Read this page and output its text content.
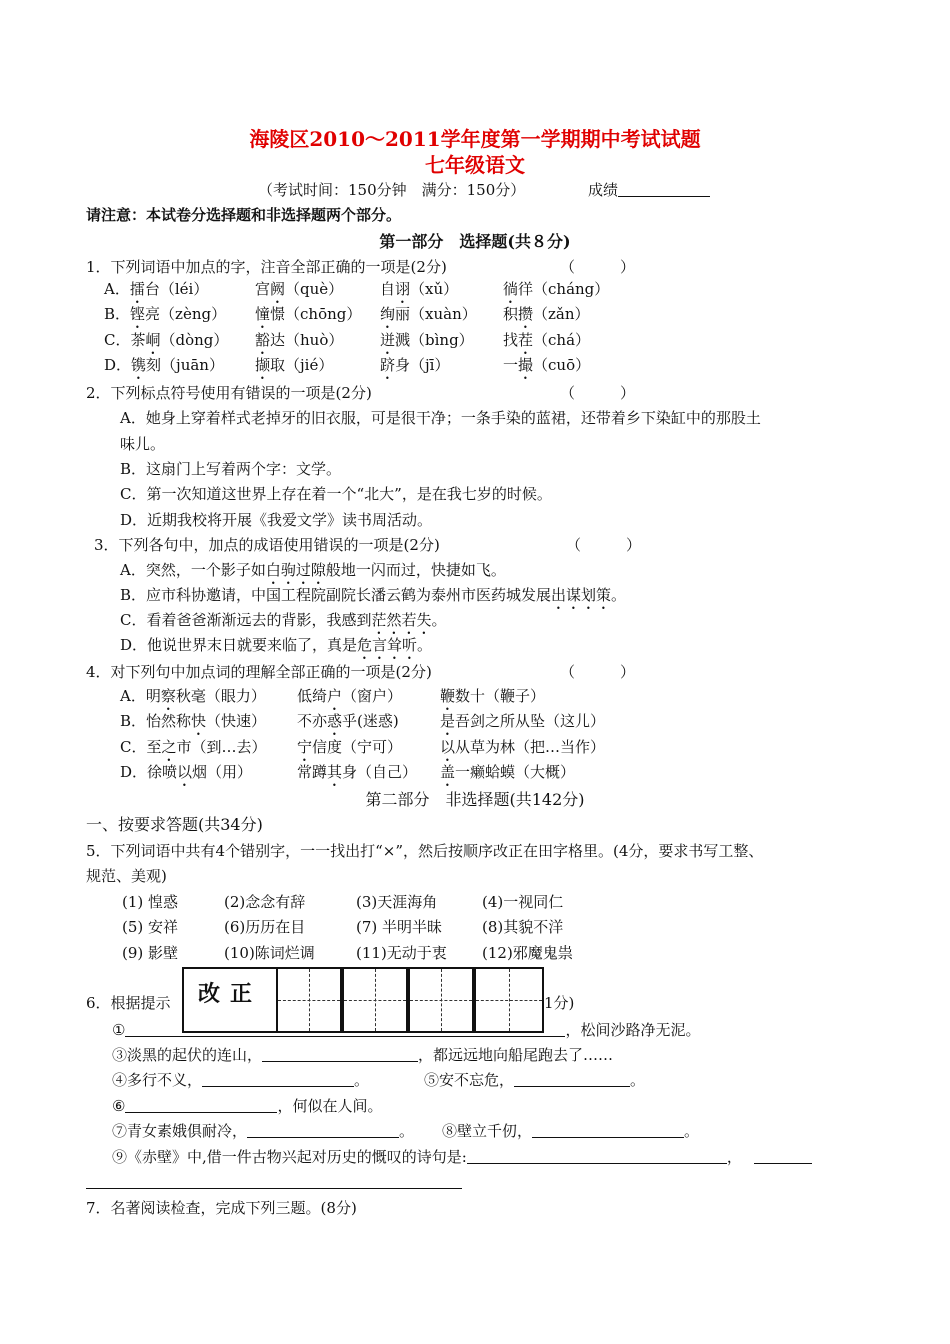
海陵区2010～2011学年度第一学期期中考试试题
七年级语文
（考试时间：150分钟　满分：150分）	成绩
请注意：本试卷分选择题和非选择题两个部分。
第一部分　选择题(共８分)
1．下列词语中加点的字，注音全部正确的一项是(2分)	（　　　）
A．擂台（léi）	宫阙（què） 自诩（xǔ）	徜徉（cháng）
B．铿亮（zèng） 憧憬（chōng） 绚丽（xuàn） 积攒（zǎn）
C．茶峒（dòng） 豁达（huò） 迸溅（bìng） 找茬（chá）
D．镌刻（juān） 撷取（jié）	跻身（jī）	一撮（cuō）
2．下列标点符号使用有错误的一项是(2分)	（　　　）
A．她身上穿着样式老掉牙的旧衣服，可是很干净；一条手染的蓝裙，还带着乡下染缸中的那股土
味儿。
B．这扇门上写着两个字：文学。
C．第一次知道这世界上存在着一个“北大”，是在我七岁的时候。
D．近期我校将开展《我爱文学》读书周活动。
3．下列各句中，加点的成语使用错误的一项是(2分)	（　　　）
A．突然，一个影子如白驹过隙般地一闪而过，快捷如飞。
B．应市科协邀请，中国工程院副院长潘云鹤为泰州市医药城发展出谋划策。
C．看着爸爸渐渐远去的背影，我感到茫然若失。
D．他说世界末日就要来临了，真是危言耸听。
4．对下列句中加点词的理解全部正确的一项是(2分)	（　　　）
A．明察秋毫（眼力） 低绮户（窗户）	鞭数十（鞭子）
B．怡然称快（快速） 不亦惑乎(迷惑)	是吾剑之所从坠（这儿）
C．至之市（到…去） 宁信度（宁可）	以从草为林（把…当作）
D．徐喷以烟（用）	常蹲其身（自己） 盖一癞蛤蟆（大概）
第二部分　非选择题(共142分)
一、按要求答题(共34分)
5．下列词语中共有4个错别字，一一找出打“×”，然后按顺序改正在田字格里。(4分，要求书写工整、
规范、美观)
(1) 惶惑	(2)念念有辞	(3)天涯海角	(4)一视同仁
(5) 安祥	(6)历历在目	(7) 半明半昧	(8)其貌不洋
(9) 影壁	(10)陈词烂调	(11)无动于衷 (12)邪魔鬼祟
6．根据提示	1分)
①	，松间沙路净无泥。
③淡黑的起伏的连山，	，都远远地向船尾跑去了……
④多行不义，	。	⑤安不忘危，	。
⑥	，何似在人间。
⑦青女素娥俱耐冷，	。 ⑧壁立千仞，	。
⑨《赤壁》中,借一件古物兴起对历史的慨叹的诗句是:	，
改正
7．名著阅读检查，完成下列三题。(8分)
